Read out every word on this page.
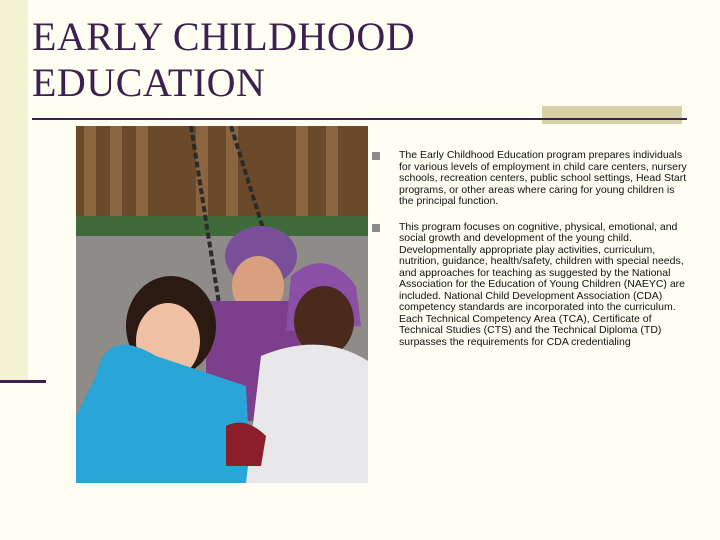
EARLY CHILDHOOD
EDUCATION
The Early Childhood Education program prepares individuals for various levels of employment in child care centers, nursery schools, recreation centers, public school settings, Head Start programs, or other areas where caring for young children is the principal function.
This program focuses on cognitive, physical, emotional, and social growth and development of the young child. Developmentally appropriate play activities, curriculum, nutrition, guidance, health/safety, children with special needs, and approaches for teaching as suggested by the National Association for the Education of Young Children (NAEYC) are included. National Child Development Association (CDA) competency standards are incorporated into the curriculum. Each Technical Competency Area (TCA), Certificate of Technical Studies (CTS) and the Technical Diploma (TD) surpasses the requirements for CDA credentialing
